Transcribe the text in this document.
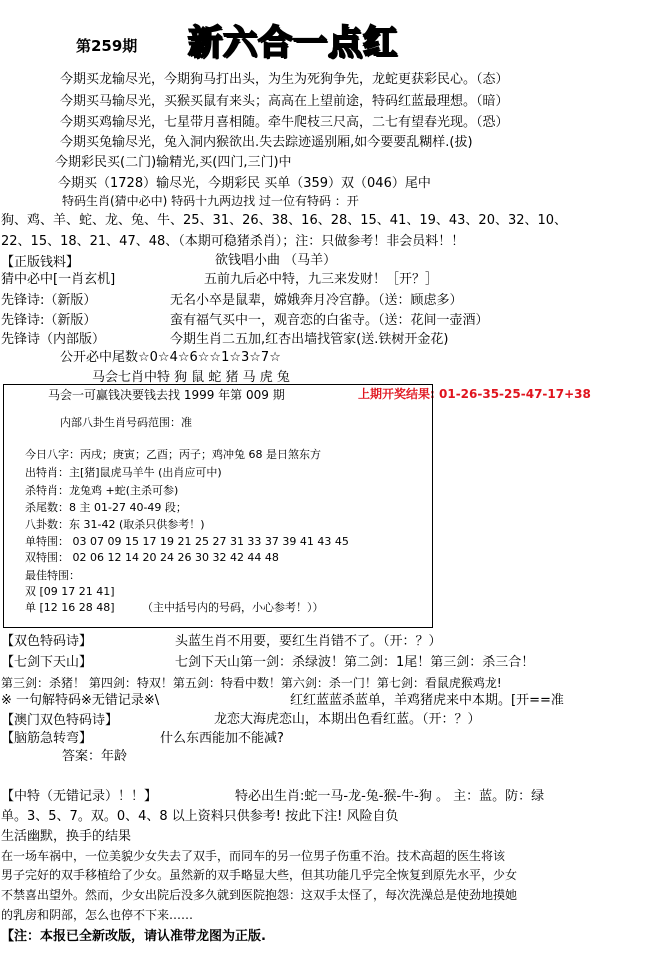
第259期 新六合一点红
今期买龙输尽光，今期狗马打出头，为生为死狗争先，龙蛇更获彩民心。（态）
今期买马输尽光，买猴买鼠有来头；高高在上望前途，特码红蓝最理想。（暗）
今期买鸡输尽光，七星带月喜相随。牵牛爬枝三尺高，二七有望春光现。（恐）
今期买兔输尽光，兔入洞内猴欲出.失去踪迹遥别厢,如今要要乱糊样.(拔)
今期彩民买(二门)输精光,买(四门,三门)中
今期买（1728）输尽光，今期彩民 买单（359）双（046）尾中
特码生肖(猜中必中) 特码十九两边找 过一位有特码 ：开
狗、鸡、羊、蛇、龙、兔、牛、25、31、26、38、16、28、15、41、19、43、20、32、10、
22、15、18、21、47、48、（本期可稳猪杀肖）；注：只做参考！非会员料！！
【正版钱料】	欲钱唱小曲 （马羊）
猜中必中[一肖玄机]	五前九后必中特，九三来发财！［开？］
先锋诗:（新版）	无名小卒是鼠辈，嫦娥奔月冷宫静。（送：顾虑多）
先锋诗:（新版）	蛮有福气买中一，观音恋的白雀寺。（送：花间一壶酒）
先锋诗（内部版）	今期生肖二五加,红杏出墙找管家(送.铁树开金花)
公开必中尾数☆0☆4☆6☆☆1☆3☆7☆
马会七肖中特 狗 鼠 蛇 猪 马 虎 兔
马会一可赢钱决要钱去找 1999 年第 009 期	上期开奖结果: 01-26-35-25-47-17+38
内部八卦生肖号码范围：准
今日八字：丙戌；庚寅；乙酉；丙子；鸡冲兔 68 是日煞东方
出特肖：主[猪]鼠虎马羊牛 (出肖应可中)
杀特肖：龙兔鸡 +蛇(主杀可参)
杀尾数：8 主 01-27 40-49 段；
八卦数：东 31-42 (取杀只供参考！)
单特围： 03 07 09 15 17 19 21 25 27 31 33 37 39 41 43 45
双特围： 02 06 12 14 20 24 26 30 32 42 44 48
最佳特围：
双 [09 17 21 41]
单 [12 16 28 48] （主中括号内的号码，小心参考！））
【双色特码诗】	头蓝生肖不用要，要红生肖错不了。（开：？）
【七剑下天山】	七剑下天山第一剑：杀绿波！第二剑：1尾！第三剑：杀三合！
第三剑：杀猪！ 第四剑：特双！第五剑：特看中数！第六剑：杀一门！第七剑：看鼠虎猴鸡龙!
※ 一句解特码※无错记录※\	红红蓝蓝杀蓝单，羊鸡猪虎来中本期。[开==准
【澳门双色特码诗】	龙恋大海虎恋山，本期出色看红蓝。（开：？）
【脑筋急转弯】	什么东西能加不能减?
答案：年龄
【中特（无错记录）！！】	特必出生肖:蛇一马-龙-兔-猴-牛-狗 。 主：蓝。防：绿
单。3、5、7。双。0、4、8 以上资料只供参考! 按此下注! 风险自负
生活幽默，换手的结果
在一场车祸中，一位美貌少女失去了双手，而同车的另一位男子伤重不治。技术高超的医生将该
男子完好的双手移植给了少女。虽然新的双手略显大些，但其功能几乎完全恢复到原先水平，少女
不禁喜出望外。然而，少女出院后没多久就到医院抱怨：这双手太怪了，每次洗澡总是使劲地摸她
的乳房和阴部，怎么也停不下来……
【注：本报已全新改版，请认准带龙图为正版.
